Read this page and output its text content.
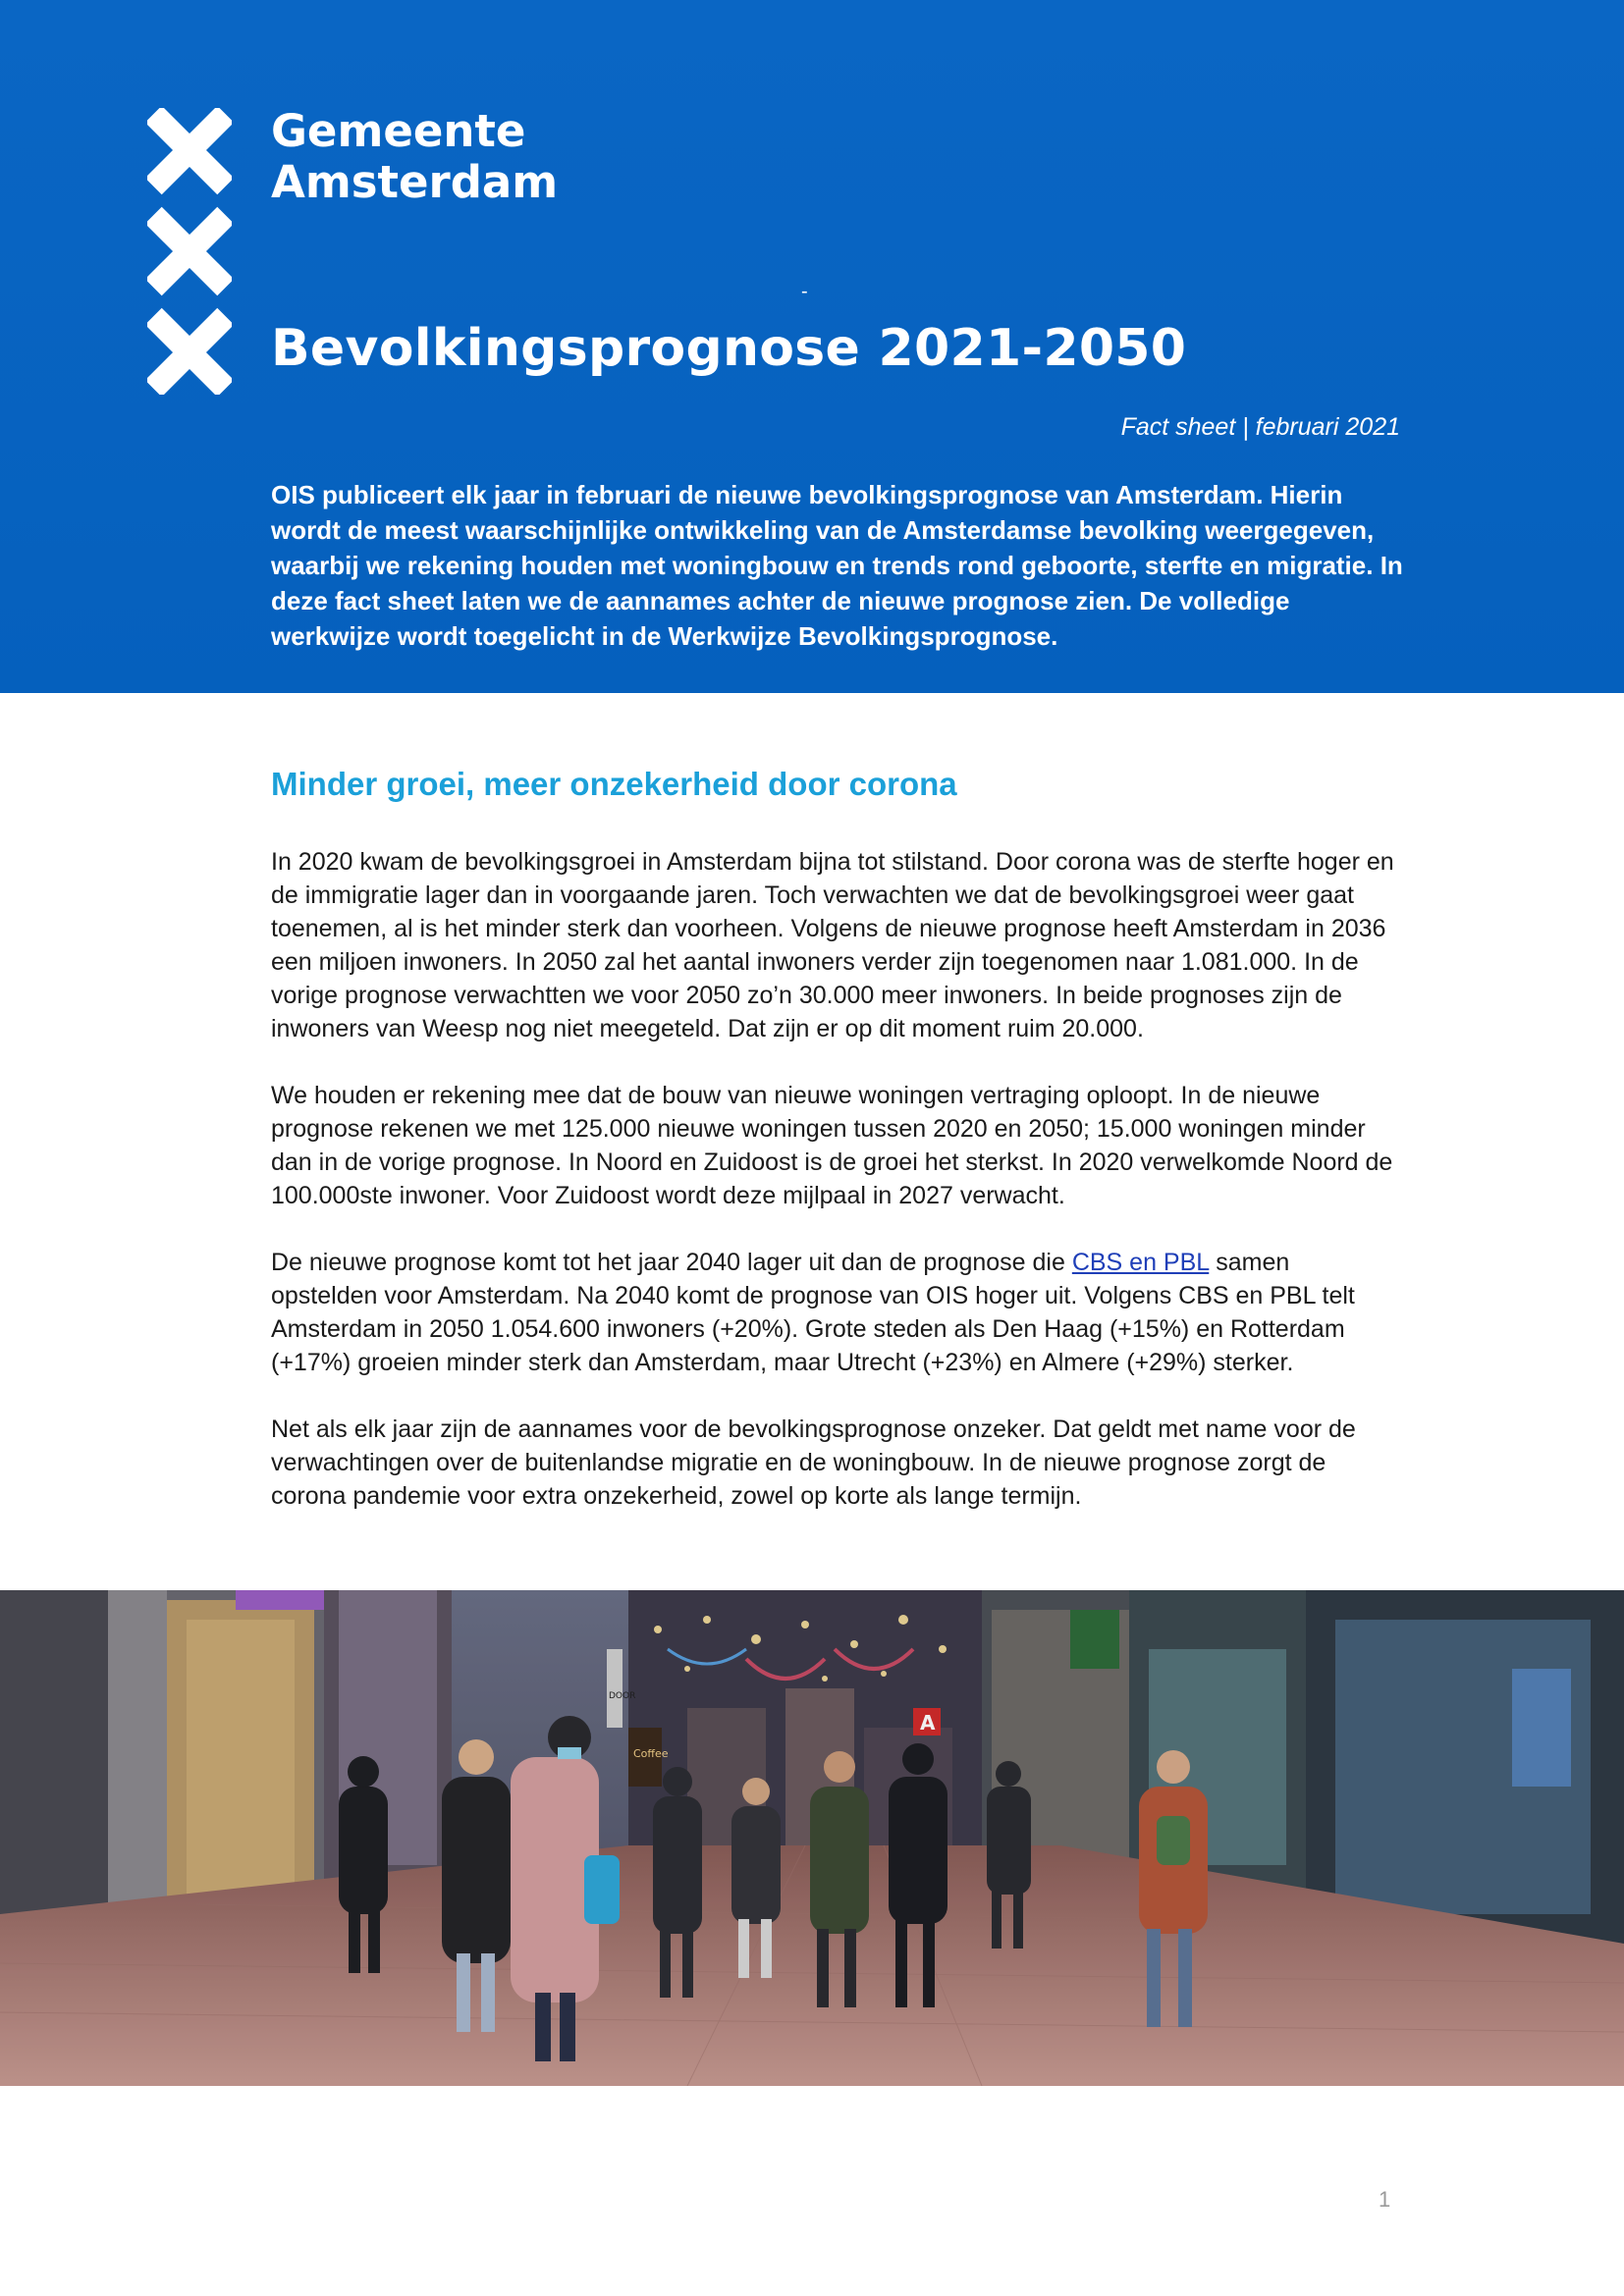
Gemeente
Amsterdam
-
Bevolkingsprognose 2021-2050
Fact sheet | februari 2021

OIS publiceert elk jaar in februari de nieuwe bevolkingsprognose van Amsterdam. Hierin wordt de meest waarschijnlijke ontwikkeling van de Amsterdamse bevolking weergegeven, waarbij we rekening houden met woningbouw en trends rond geboorte, sterfte en migratie. In deze fact sheet laten we de aannames achter de nieuwe prognose zien. De volledige werkwijze wordt toegelicht in de Werkwijze Bevolkingsprognose.

Minder groei, meer onzekerheid door corona

In 2020 kwam de bevolkingsgroei in Amsterdam bijna tot stilstand. Door corona was de sterfte hoger en de immigratie lager dan in voorgaande jaren. Toch verwachten we dat de bevolkingsgroei weer gaat toenemen, al is het minder sterk dan voorheen. Volgens de nieuwe prognose heeft Amsterdam in 2036 een miljoen inwoners. In 2050 zal het aantal inwoners verder zijn toegenomen naar 1.081.000. In de vorige prognose verwachtten we voor 2050 zo’n 30.000 meer inwoners. In beide prognoses zijn de inwoners van Weesp nog niet meegeteld. Dat zijn er op dit moment ruim 20.000.

We houden er rekening mee dat de bouw van nieuwe woningen vertraging oploopt. In de nieuwe prognose rekenen we met 125.000 nieuwe woningen tussen 2020 en 2050; 15.000 woningen minder dan in de vorige prognose. In Noord en Zuidoost is de groei het sterkst. In 2020 verwelkomde Noord de 100.000ste inwoner. Voor Zuidoost wordt deze mijlpaal in 2027 verwacht.

De nieuwe prognose komt tot het jaar 2040 lager uit dan de prognose die CBS en PBL samen opstelden voor Amsterdam. Na 2040 komt de prognose van OIS hoger uit. Volgens CBS en PBL telt Amsterdam in 2050 1.054.600 inwoners (+20%). Grote steden als Den Haag (+15%) en Rotterdam (+17%) groeien minder sterk dan Amsterdam, maar Utrecht (+23%) en Almere (+29%) sterker.

Net als elk jaar zijn de aannames voor de bevolkingsprognose onzeker. Dat geldt met name voor de verwachtingen over de buitenlandse migratie en de woningbouw. In de nieuwe prognose zorgt de corona pandemie voor extra onzekerheid, zowel op korte als lange termijn.

Coffee
DOOR
A
1
